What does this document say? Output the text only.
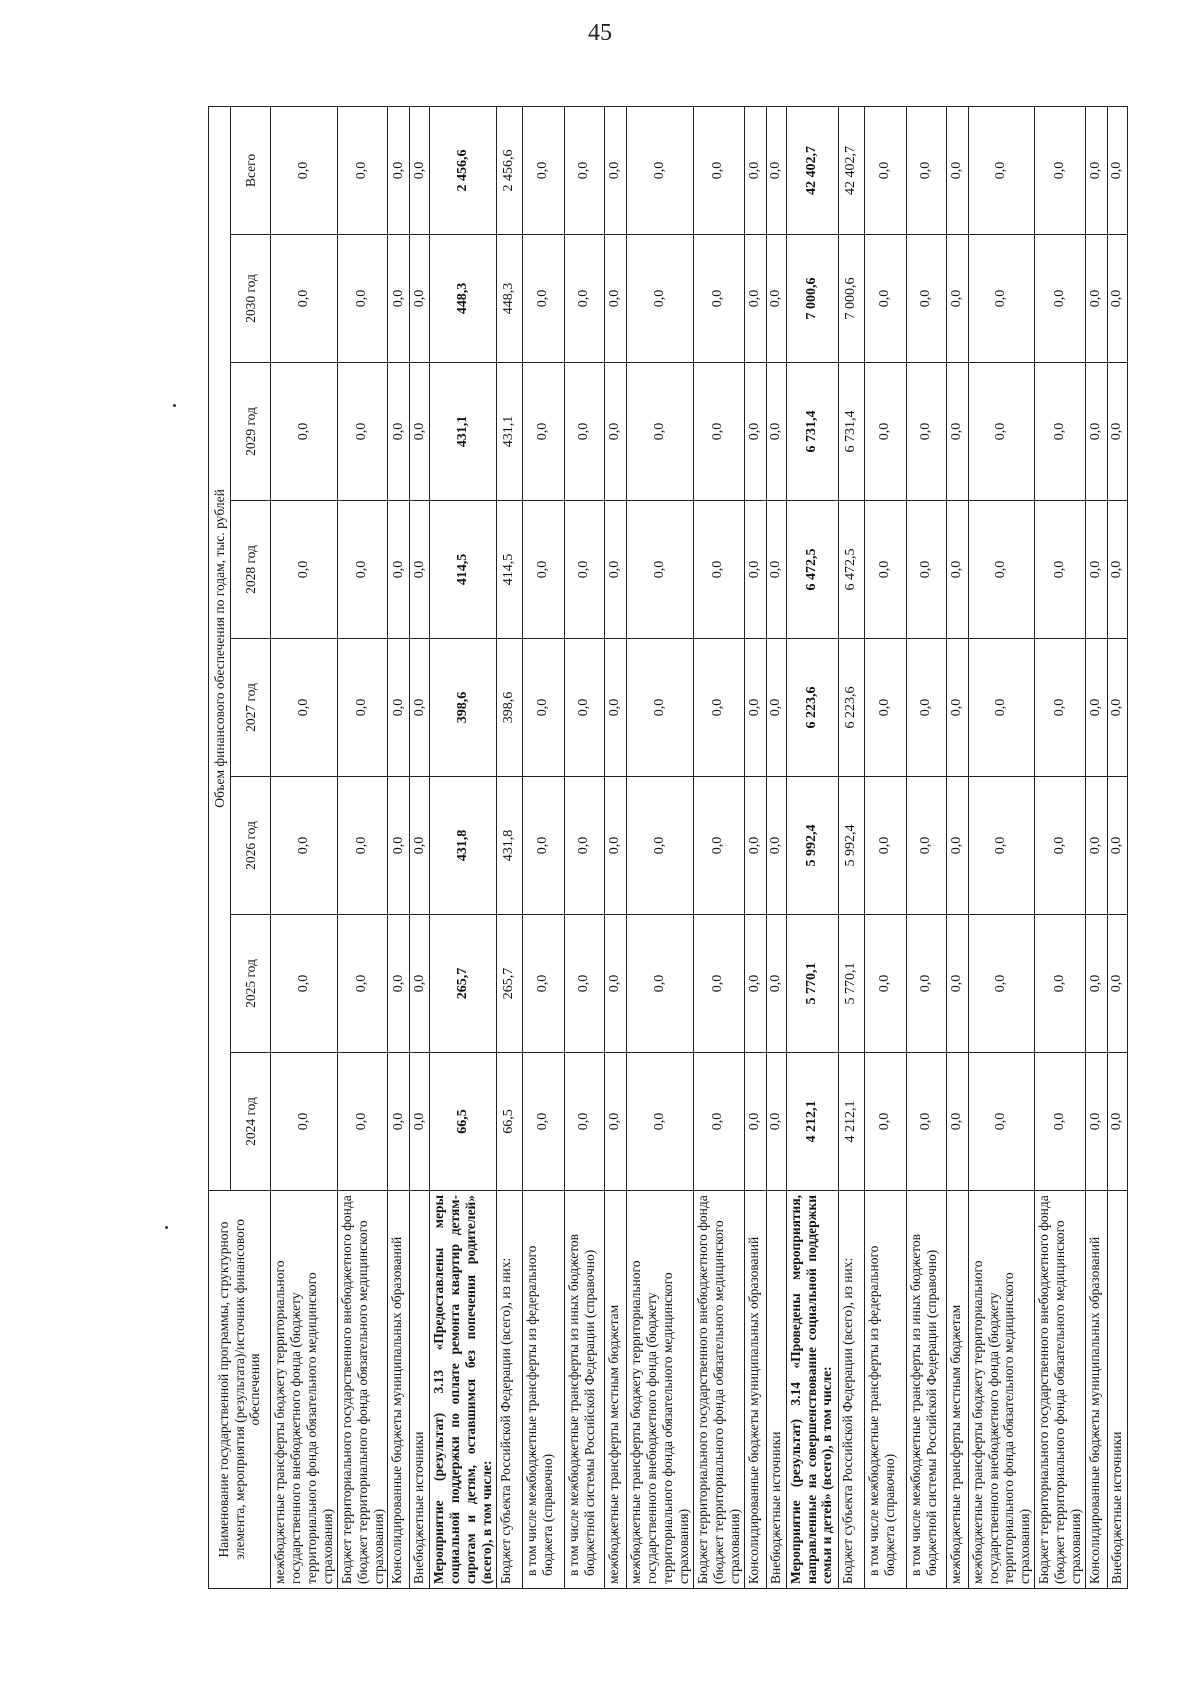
45
Наименование государственной программы, структурного элемента, мероприятия (результата)/источник финансового обеспечения	Объем финансового обеспечения по годам, тыс. рублей							
	2024 год	2025 год	2026 год	2027 год	2028 год	2029 год	2030 год	Всего
межбюджетные трансферты бюджету территориального государственного внебюджетного фонда (бюджету территориального фонда обязательного медицинского страхования)	0,0	0,0	0,0	0,0	0,0	0,0	0,0	0,0
Бюджет территориального государственного внебюджетного фонда (бюджет территориального фонда обязательного медицинского страхования)	0,0	0,0	0,0	0,0	0,0	0,0	0,0	0,0
Консолидированные бюджеты муниципальных образований	0,0	0,0	0,0	0,0	0,0	0,0	0,0	0,0
Внебюджетные источники	0,0	0,0	0,0	0,0	0,0	0,0	0,0	0,0
Мероприятие (результат) 3.13 «Предоставлены меры социальной поддержки по оплате ремонта квартир детям-сиротам и детям, оставшимся без попечения родителей» (всего), в том числе:	66,5	265,7	431,8	398,6	414,5	431,1	448,3	2 456,6
Бюджет субъекта Российской Федерации (всего), из них:	66,5	265,7	431,8	398,6	414,5	431,1	448,3	2 456,6
в том числе межбюджетные трансферты из федерального бюджета (справочно)	0,0	0,0	0,0	0,0	0,0	0,0	0,0	0,0
в том числе межбюджетные трансферты из иных бюджетов бюджетной системы Российской Федерации (справочно)	0,0	0,0	0,0	0,0	0,0	0,0	0,0	0,0
межбюджетные трансферты местным бюджетам	0,0	0,0	0,0	0,0	0,0	0,0	0,0	0,0
межбюджетные трансферты бюджету территориального государственного внебюджетного фонда (бюджету территориального фонда обязательного медицинского страхования)	0,0	0,0	0,0	0,0	0,0	0,0	0,0	0,0
Бюджет территориального государственного внебюджетного фонда (бюджет территориального фонда обязательного медицинского страхования)	0,0	0,0	0,0	0,0	0,0	0,0	0,0	0,0
Консолидированные бюджеты муниципальных образований	0,0	0,0	0,0	0,0	0,0	0,0	0,0	0,0
Внебюджетные источники	0,0	0,0	0,0	0,0	0,0	0,0	0,0	0,0
Мероприятие (результат) 3.14 «Проведены мероприятия, направленные на совершенствование социальной поддержки семьи и детей» (всего), в том числе:	4 212,1	5 770,1	5 992,4	6 223,6	6 472,5	6 731,4	7 000,6	42 402,7
Бюджет субъекта Российской Федерации (всего), из них:	4 212,1	5 770,1	5 992,4	6 223,6	6 472,5	6 731,4	7 000,6	42 402,7
в том числе межбюджетные трансферты из федерального бюджета (справочно)	0,0	0,0	0,0	0,0	0,0	0,0	0,0	0,0
в том числе межбюджетные трансферты из иных бюджетов бюджетной системы Российской Федерации (справочно)	0,0	0,0	0,0	0,0	0,0	0,0	0,0	0,0
межбюджетные трансферты местным бюджетам	0,0	0,0	0,0	0,0	0,0	0,0	0,0	0,0
межбюджетные трансферты бюджету территориального государственного внебюджетного фонда (бюджету территориального фонда обязательного медицинского страхования)	0,0	0,0	0,0	0,0	0,0	0,0	0,0	0,0
Бюджет территориального государственного внебюджетного фонда (бюджет территориального фонда обязательного медицинского страхования)	0,0	0,0	0,0	0,0	0,0	0,0	0,0	0,0
Консолидированные бюджеты муниципальных образований	0,0	0,0	0,0	0,0	0,0	0,0	0,0	0,0
Внебюджетные источники	0,0	0,0	0,0	0,0	0,0	0,0	0,0	0,0
